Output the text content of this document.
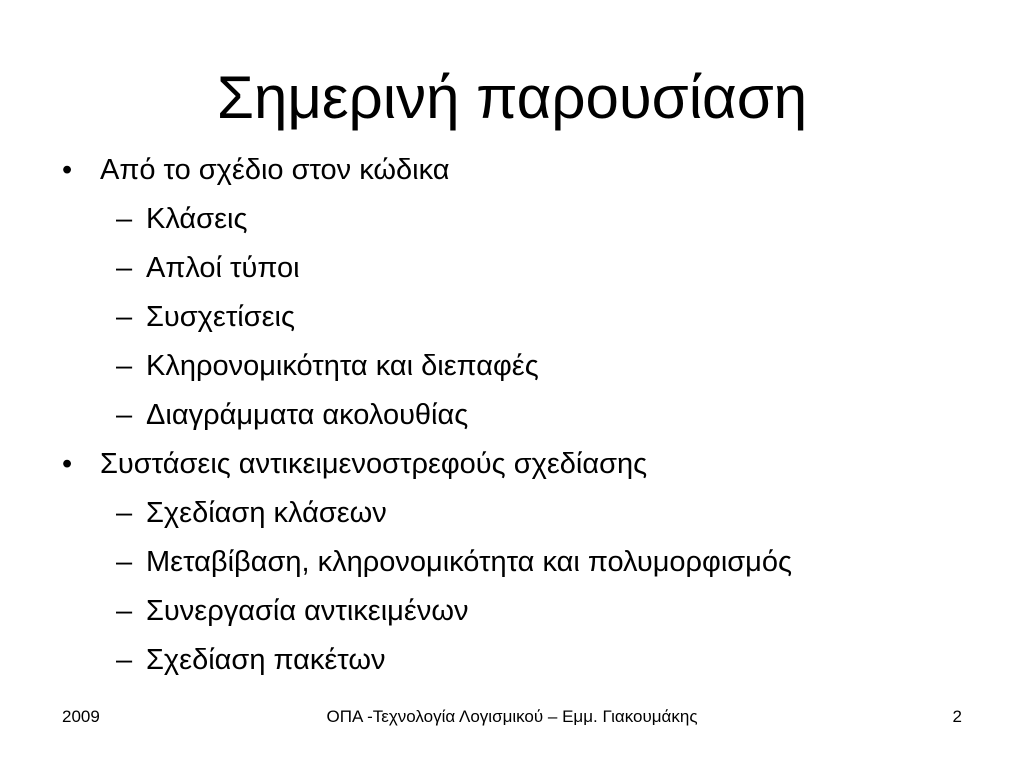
Σημερινή παρουσίαση
• Από το σχέδιο στον κώδικα
– Κλάσεις
– Απλοί τύποι
– Συσχετίσεις
– Κληρονομικότητα και διεπαφές
– Διαγράμματα ακολουθίας
• Συστάσεις αντικειμενοστρεφούς σχεδίασης
– Σχεδίαση κλάσεων
– Μεταβίβαση, κληρονομικότητα και πολυμορφισμός
– Συνεργασία αντικειμένων
– Σχεδίαση πακέτων
2009	ΟΠΑ -Τεχνολογία Λογισμικού – Εμμ. Γιακουμάκης	2
